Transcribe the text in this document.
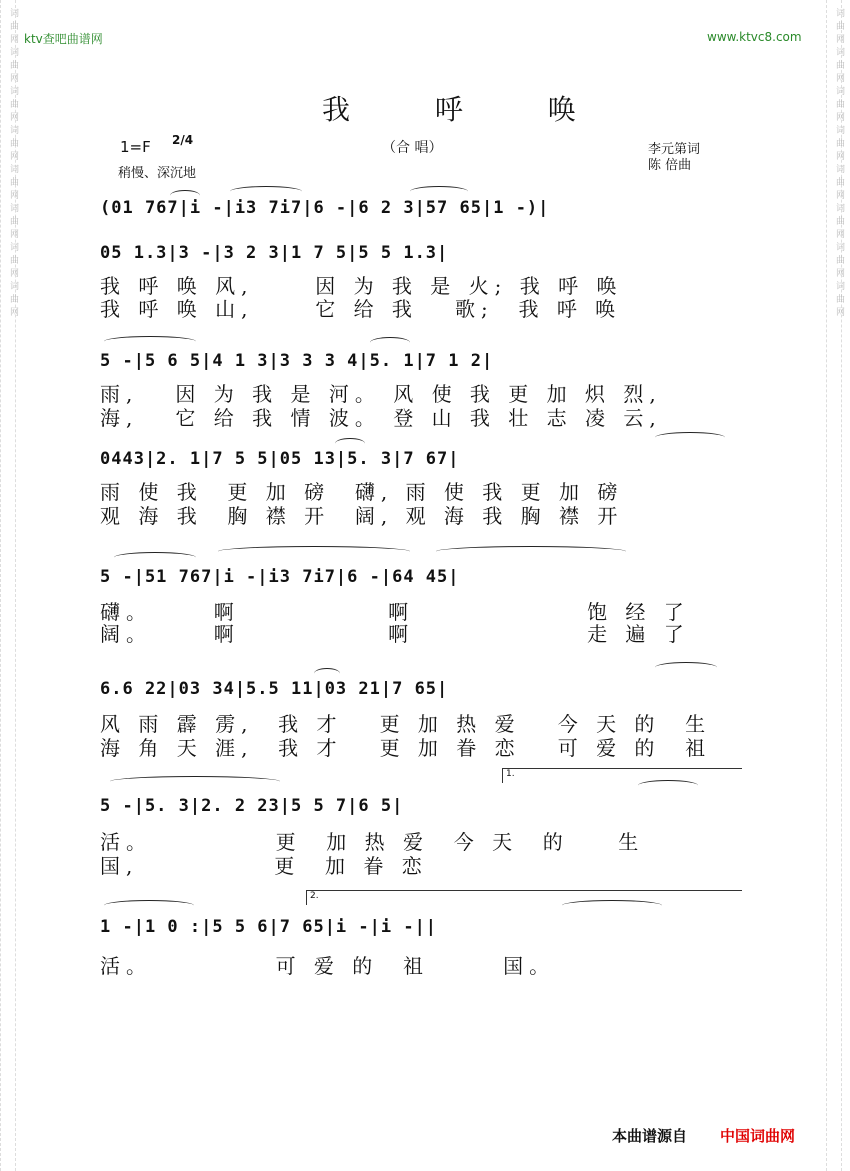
ktv查吧曲谱网	www.ktvc8.com
词曲网词曲网词曲网词曲网词曲网词曲网词曲网词曲网	词曲网词曲网词曲网词曲网词曲网词曲网词曲网词曲网
我 呼 唤
1=F 2/4
稍慢、深沉地
（合 唱）	李元第词
陈 倍曲
(01 767|i -|i3 7i7|6 -|6 2 3|57 65|1 -)|
05 1.3|3 -|3 2 3|1 7 5|5 5 1.3|
我 呼 唤 风,     因 为 我 是 火; 我 呼 唤
我 呼 唤 山,     它 给 我   歌;  我 呼 唤
5 -|5 6 5|4 1 3|3 3 3 4|5. 1|7 1 2|
雨,   因 为 我 是 河。 风 使 我 更 加 炽 烈,
海,   它 给 我 情 波。 登 山 我 壮 志 凌 云,
0443|2. 1|7 5 5|05 13|5. 3|7 67|
雨 使 我  更 加 磅  礴, 雨 使 我 更 加 磅
观 海 我  胸 襟 开  阔, 观 海 我 胸 襟 开
5 -|51 767|i -|i3 7i7|6 -|64 45|
礴。     啊            啊              饱 经 了
阔。     啊            啊              走 遍 了
6.6 22|03 34|5.5 11|03 21|7 65|
风 雨 霹 雳,  我 才   更 加 热 爱   今 天 的  生
海 角 天 涯,  我 才   更 加 眷 恋   可 爱 的  祖
1.
5 -|5. 3|2. 2 23|5 5 7|6 5|
活。          更  加 热 爱  今 天  的    生
国,           更  加 眷 恋
2.
1 -|1 0 :|5 5 6|7 65|i -|i -||
活。          可 爱 的  祖      国。
本曲谱源自 中国词曲网
